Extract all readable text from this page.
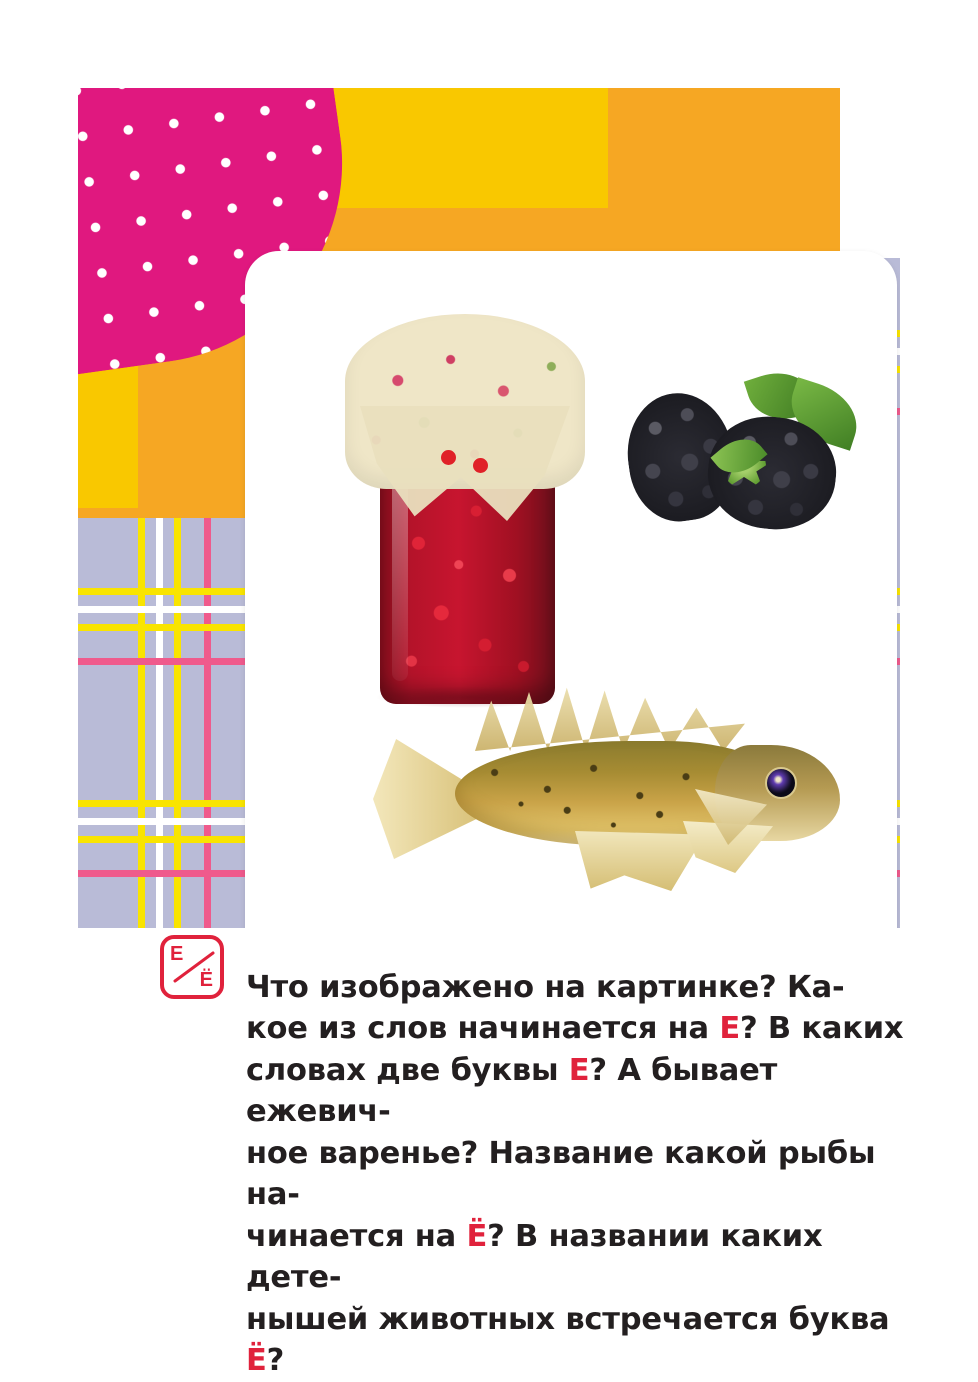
Е
Ё Что изображено на картинке? Ка-
кое из слов начинается на Е? В каких
словах две буквы Е? А бывает ежевич-
ное варенье? Название какой рыбы на-
чинается на Ё? В названии каких дете-
нышей животных встречается буква Ё?
